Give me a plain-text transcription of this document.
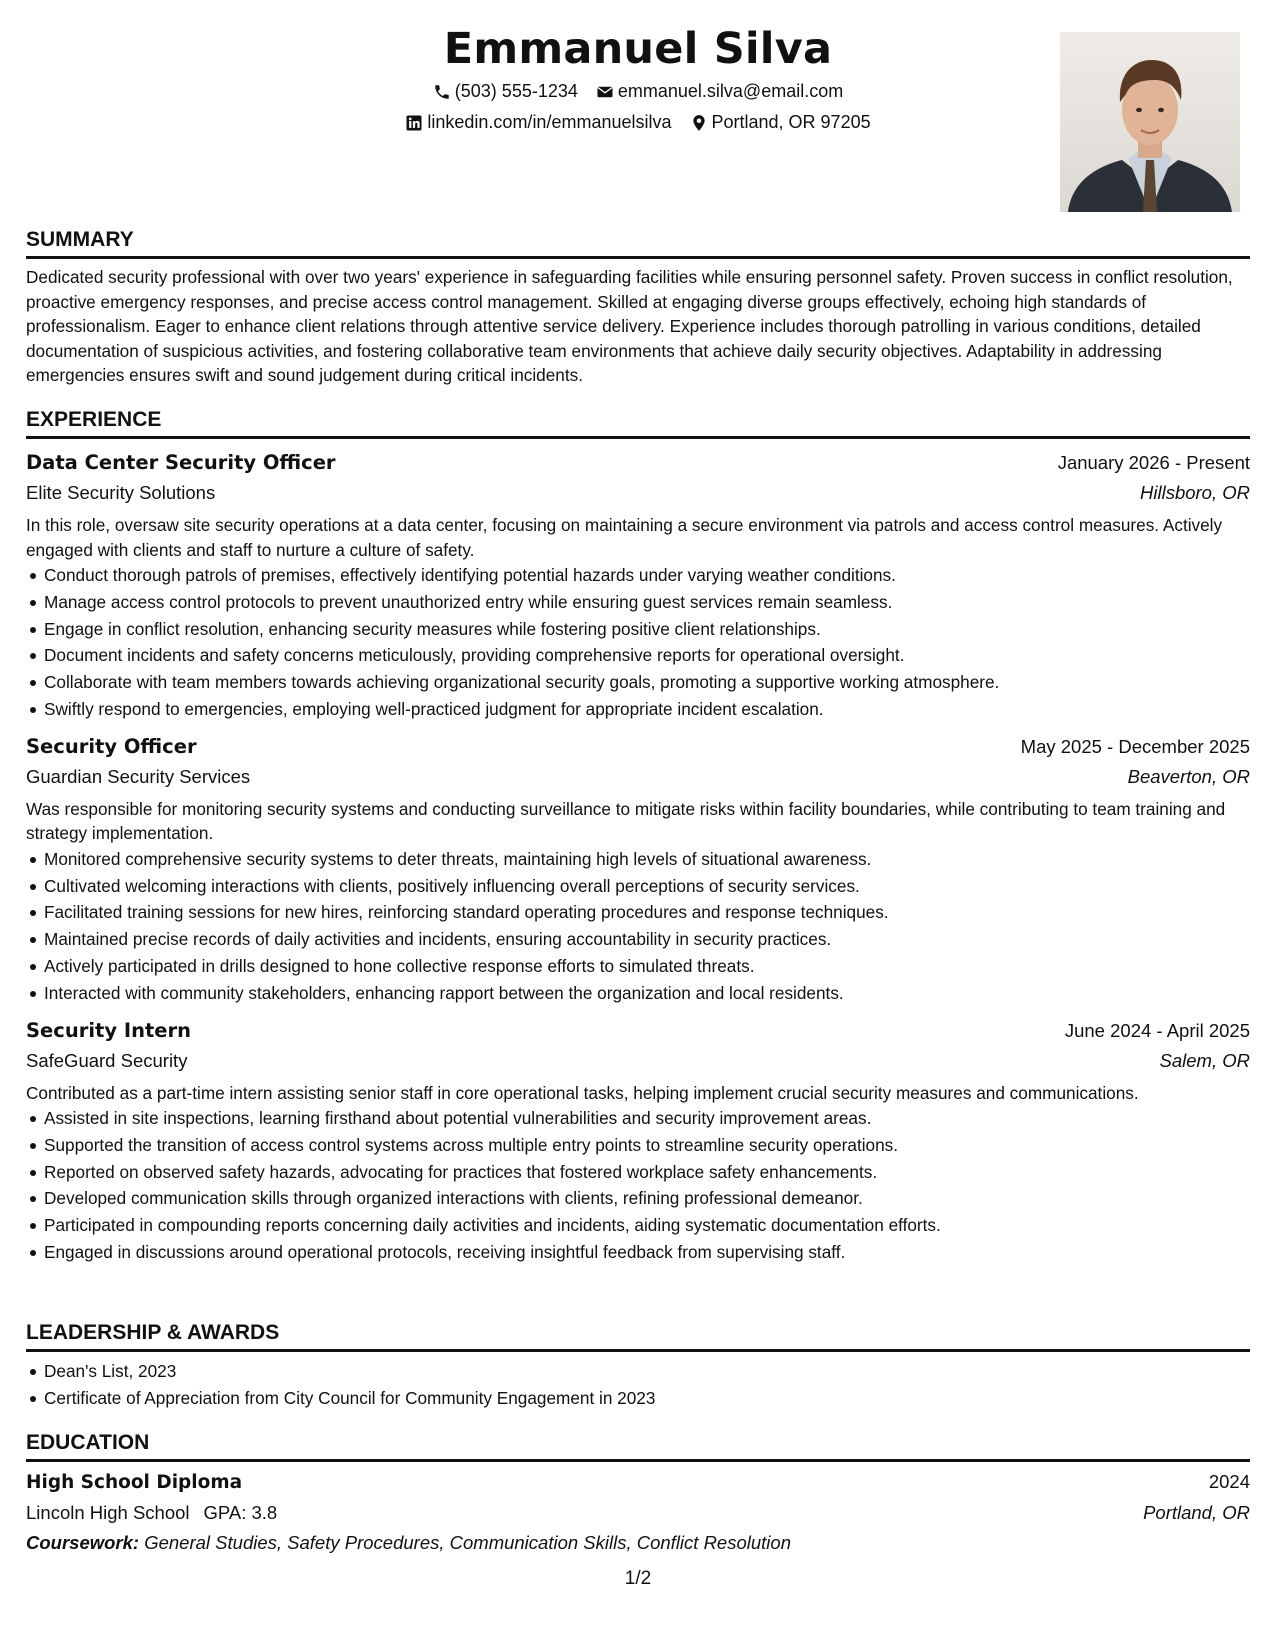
Emmanuel Silva
(503) 555-1234 emmanuel.silva@email.com
linkedin.com/in/emmanuelsilva Portland, OR 97205
SUMMARY

Dedicated security professional with over two years' experience in safeguarding facilities while ensuring personnel safety. Proven success in conflict resolution, proactive emergency responses, and precise access control management. Skilled at engaging diverse groups effectively, echoing high standards of professionalism. Eager to enhance client relations through attentive service delivery. Experience includes thorough patrolling in various conditions, detailed documentation of suspicious activities, and fostering collaborative team environments that achieve daily security objectives. Adaptability in addressing emergencies ensures swift and sound judgement during critical incidents.

EXPERIENCE
Data Center Security Officer	January 2026 - Present
Elite Security Solutions	Hillsboro, OR

In this role, oversaw site security operations at a data center, focusing on maintaining a secure environment via patrols and access control measures. Actively engaged with clients and staff to nurture a culture of safety.

Conduct thorough patrols of premises, effectively identifying potential hazards under varying weather conditions.
Manage access control protocols to prevent unauthorized entry while ensuring guest services remain seamless.
Engage in conflict resolution, enhancing security measures while fostering positive client relationships.
Document incidents and safety concerns meticulously, providing comprehensive reports for operational oversight.
Collaborate with team members towards achieving organizational security goals, promoting a supportive working atmosphere.
Swiftly respond to emergencies, employing well-practiced judgment for appropriate incident escalation.
Security Officer	May 2025 - December 2025
Guardian Security Services	Beaverton, OR

Was responsible for monitoring security systems and conducting surveillance to mitigate risks within facility boundaries, while contributing to team training and strategy implementation.

Monitored comprehensive security systems to deter threats, maintaining high levels of situational awareness.
Cultivated welcoming interactions with clients, positively influencing overall perceptions of security services.
Facilitated training sessions for new hires, reinforcing standard operating procedures and response techniques.
Maintained precise records of daily activities and incidents, ensuring accountability in security practices.
Actively participated in drills designed to hone collective response efforts to simulated threats.
Interacted with community stakeholders, enhancing rapport between the organization and local residents.
Security Intern	June 2024 - April 2025
SafeGuard Security	Salem, OR

Contributed as a part-time intern assisting senior staff in core operational tasks, helping implement crucial security measures and communications.

Assisted in site inspections, learning firsthand about potential vulnerabilities and security improvement areas.
Supported the transition of access control systems across multiple entry points to streamline security operations.
Reported on observed safety hazards, advocating for practices that fostered workplace safety enhancements.
Developed communication skills through organized interactions with clients, refining professional demeanor.
Participated in compounding reports concerning daily activities and incidents, aiding systematic documentation efforts.
Engaged in discussions around operational protocols, receiving insightful feedback from supervising staff.
LEADERSHIP & AWARDS
Dean's List, 2023
Certificate of Appreciation from City Council for Community Engagement in 2023
EDUCATION
High School Diploma	2024
Lincoln High School GPA: 3.8	Portland, OR
Coursework: General Studies, Safety Procedures, Communication Skills, Conflict Resolution
1/2
